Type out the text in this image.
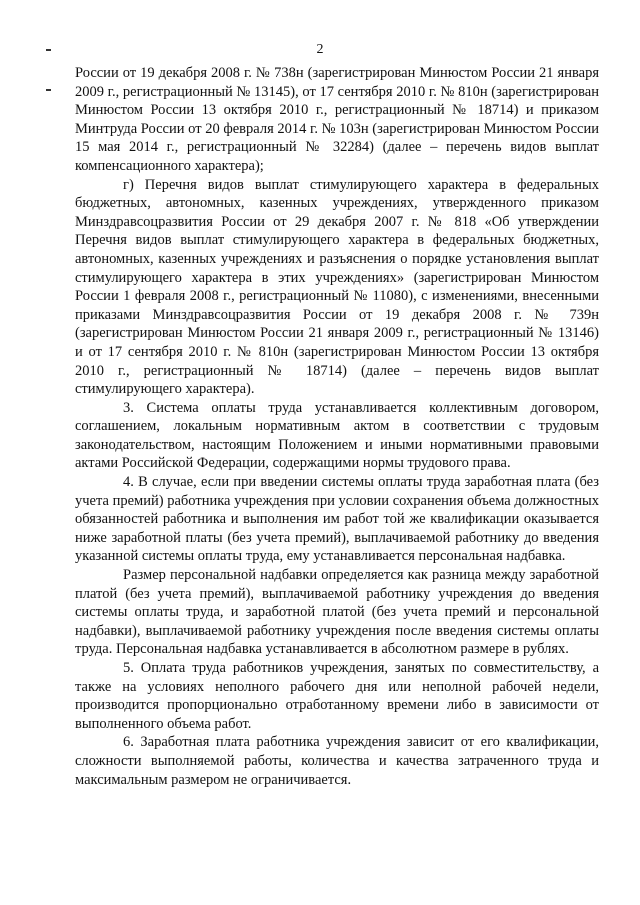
2

России от 19 декабря 2008 г. № 738н (зарегистрирован Минюстом России 21 января 2009 г., регистрационный № 13145), от 17 сентября 2010 г. № 810н (зарегистрирован Минюстом России 13 октября 2010 г., регистрационный № 18714) и приказом Минтруда России от 20 февраля 2014 г. № 103н (зарегистрирован Минюстом России 15 мая 2014 г., регистрационный № 32284) (далее – перечень видов выплат компенсационного характера);

г) Перечня видов выплат стимулирующего характера в федеральных бюджетных, автономных, казенных учреждениях, утвержденного приказом Минздравсоцразвития России от 29 декабря 2007 г. № 818 «Об утверждении Перечня видов выплат стимулирующего характера в федеральных бюджетных, автономных, казенных учреждениях и разъяснения о порядке установления выплат стимулирующего характера в этих учреждениях» (зарегистрирован Минюстом России 1 февраля 2008 г., регистрационный № 11080), с изменениями, внесенными приказами Минздравсоцразвития России от 19 декабря 2008 г. № 739н (зарегистрирован Минюстом России 21 января 2009 г., регистрационный № 13146) и от 17 сентября 2010 г. № 810н (зарегистрирован Минюстом России 13 октября 2010 г., регистрационный № 18714) (далее – перечень видов выплат стимулирующего характера).

3. Система оплаты труда устанавливается коллективным договором, соглашением, локальным нормативным актом в соответствии с трудовым законодательством, настоящим Положением и иными нормативными правовыми актами Российской Федерации, содержащими нормы трудового права.

4. В случае, если при введении системы оплаты труда заработная плата (без учета премий) работника учреждения при условии сохранения объема должностных обязанностей работника и выполнения им работ той же квалификации оказывается ниже заработной платы (без учета премий), выплачиваемой работнику до введения указанной системы оплаты труда, ему устанавливается персональная надбавка.

Размер персональной надбавки определяется как разница между заработной платой (без учета премий), выплачиваемой работнику учреждения до введения системы оплаты труда, и заработной платой (без учета премий и персональной надбавки), выплачиваемой работнику учреждения после введения системы оплаты труда. Персональная надбавка устанавливается в абсолютном размере в рублях.

5. Оплата труда работников учреждения, занятых по совместительству, а также на условиях неполного рабочего дня или неполной рабочей недели, производится пропорционально отработанному времени либо в зависимости от выполненного объема работ.

6. Заработная плата работника учреждения зависит от его квалификации, сложности выполняемой работы, количества и качества затраченного труда и максимальным размером не ограничивается.
